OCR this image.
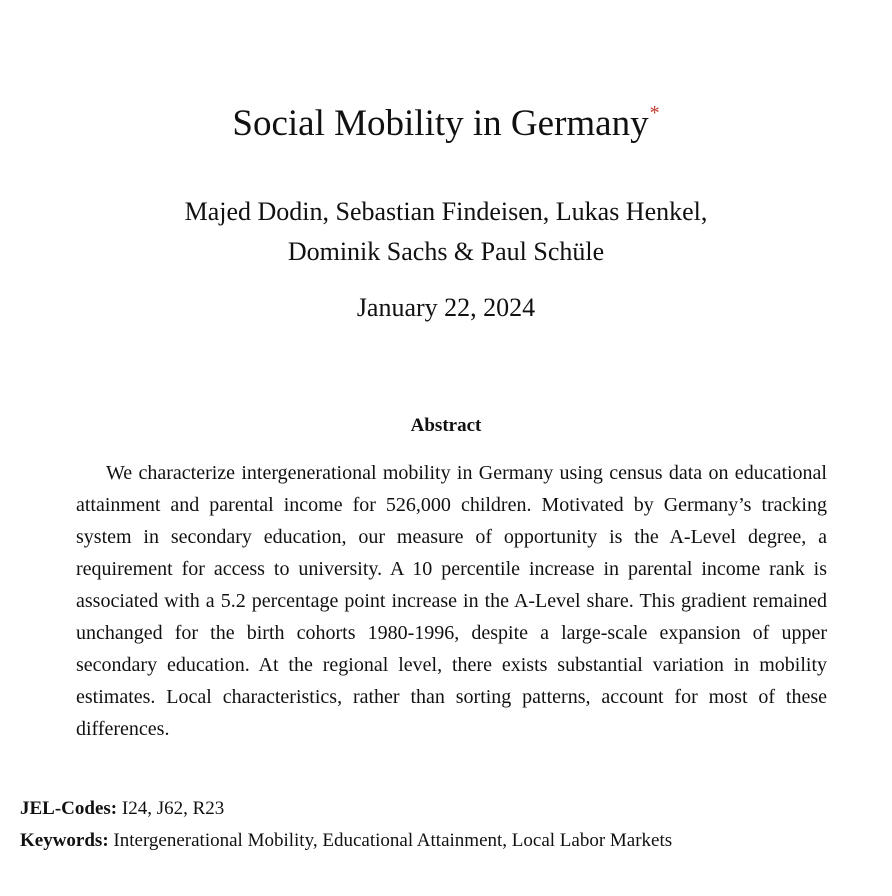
Social Mobility in Germany*
Majed Dodin, Sebastian Findeisen, Lukas Henkel,
Dominik Sachs & Paul Schüle
January 22, 2024
Abstract

We characterize intergenerational mobility in Germany using census data on educational attainment and parental income for 526,000 children. Motivated by Germany’s tracking system in secondary education, our measure of opportunity is the A-Level degree, a requirement for access to university. A 10 percentile increase in parental income rank is associated with a 5.2 percentage point increase in the A-Level share. This gradient remained unchanged for the birth cohorts 1980-1996, despite a large-scale expansion of upper secondary education. At the regional level, there exists substantial variation in mobility estimates. Local characteristics, rather than sorting patterns, account for most of these differences.

JEL-Codes: I24, J62, R23
Keywords: Intergenerational Mobility, Educational Attainment, Local Labor Markets
